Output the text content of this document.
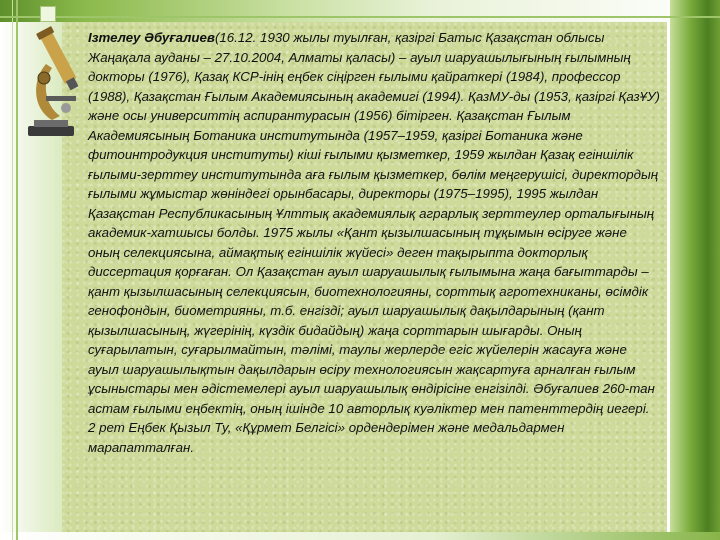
Ізтелеу Әбуғалиев(16.12. 1930 жылы туылған, қазіргі Батыс Қазақстан облысы Жаңақала ауданы – 27.10.2004, Алматы қаласы) – ауыл шаруашылығының ғылымның докторы (1976), Қазақ КСР-інің еңбек сіңірген ғылыми қайраткері (1984), профессор (1988), Қазақстан Ғылым Академиясының академигі (1994). ҚазМУ-ды (1953, қазіргі ҚазҰУ) және осы университтің аспирантурасын (1956) бітірген. Қазақстан Ғылым Академиясының Ботаника институтында (1957–1959, қазіргі Ботаника және фитоинтродукция институты) кіші ғылыми қызметкер, 1959 жылдан Қазақ егіншілік ғылыми-зерттеу институтында аға ғылым қызметкер, бөлім меңгерушісі, директордың ғылыми жұмыстар жөніндегі орынбасары, директоры (1975–1995), 1995 жылдан Қазақстан Республикасының Ұлттық академиялық аграрлық зерттеулер орталығының академик-хатшысы болды. 1975 жылы «Қант қызылшасының тұқымын өсіруге және оның селекциясына, аймақтық егіншілік жүйесі» деген тақырыпта докторлық диссертация қорғаған. Ол Қазақстан ауыл шаруашылық ғылымына жаңа бағыттарды – қант қызылшасының селекциясын, биотехнологияны, сорттық агротехниканы, өсімдік генофондын, биометрияны, т.б. енгізді; ауыл шаруашылық дақылдарының (қант қызылшасының, жүгерінің, күздік бидайдың) жаңа сорттарын шығарды. Оның суғарылатын, суғарылмайтын, тәлімі, таулы жерлерде егіс жүйелерін жасауға және ауыл шаруашылықтын дақылдарын өсіру технологиясын жақсартуға арналған ғылым ұсыныстары мен әдістемелері ауыл шаруашылық өндірісіне енгізілді. Әбуғалиев 260-тан астам ғылыми еңбектің, оның ішінде 10 авторлық куәліктер мен патенттердің иегері. 2 рет Еңбек Қызыл Ту, «Құрмет Белгісі» ордендерімен және медальдармен марапатталған.
